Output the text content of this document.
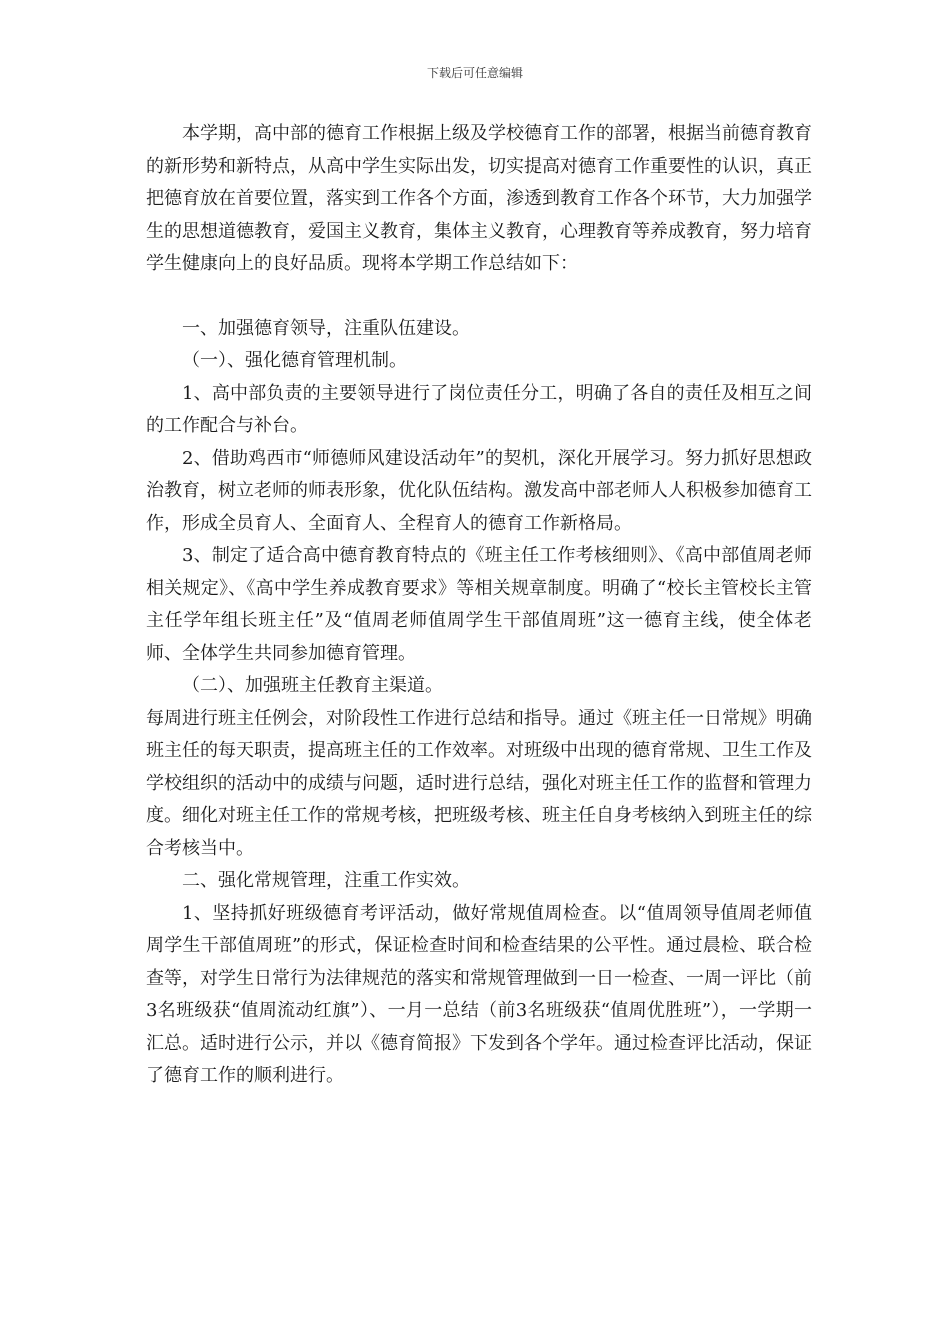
下载后可任意编辑

本学期，高中部的德育工作根据上级及学校德育工作的部署，根据当前德育教育的新形势和新特点，从高中学生实际出发，切实提高对德育工作重要性的认识，真正把德育放在首要位置，落实到工作各个方面，渗透到教育工作各个环节，大力加强学生的思想道德教育，爱国主义教育，集体主义教育，心理教育等养成教育，努力培育学生健康向上的良好品质。现将本学期工作总结如下：

一、加强德育领导，注重队伍建设。

（一）、强化德育管理机制。

1、高中部负责的主要领导进行了岗位责任分工，明确了各自的责任及相互之间的工作配合与补台。

2、借助鸡西市“师德师风建设活动年”的契机，深化开展学习。努力抓好思想政治教育，树立老师的师表形象，优化队伍结构。激发高中部老师人人积极参加德育工作，形成全员育人、全面育人、全程育人的德育工作新格局。

3、制定了适合高中德育教育特点的《班主任工作考核细则》、《高中部值周老师相关规定》、《高中学生养成教育要求》等相关规章制度。明确了“校长主管校长主管主任学年组长班主任”及“值周老师值周学生干部值周班”这一德育主线，使全体老师、全体学生共同参加德育管理。

（二）、加强班主任教育主渠道。

每周进行班主任例会，对阶段性工作进行总结和指导。通过《班主任一日常规》明确班主任的每天职责，提高班主任的工作效率。对班级中出现的德育常规、卫生工作及学校组织的活动中的成绩与问题，适时进行总结，强化对班主任工作的监督和管理力度。细化对班主任工作的常规考核，把班级考核、班主任自身考核纳入到班主任的综合考核当中。

二、强化常规管理，注重工作实效。

1、坚持抓好班级德育考评活动，做好常规值周检查。以“值周领导值周老师值周学生干部值周班”的形式，保证检查时间和检查结果的公平性。通过晨检、联合检查等，对学生日常行为法律规范的落实和常规管理做到一日一检查、一周一评比（前3名班级获“值周流动红旗”）、一月一总结（前3名班级获“值周优胜班”），一学期一汇总。适时进行公示，并以《德育简报》下发到各个学年。通过检查评比活动，保证了德育工作的顺利进行。
